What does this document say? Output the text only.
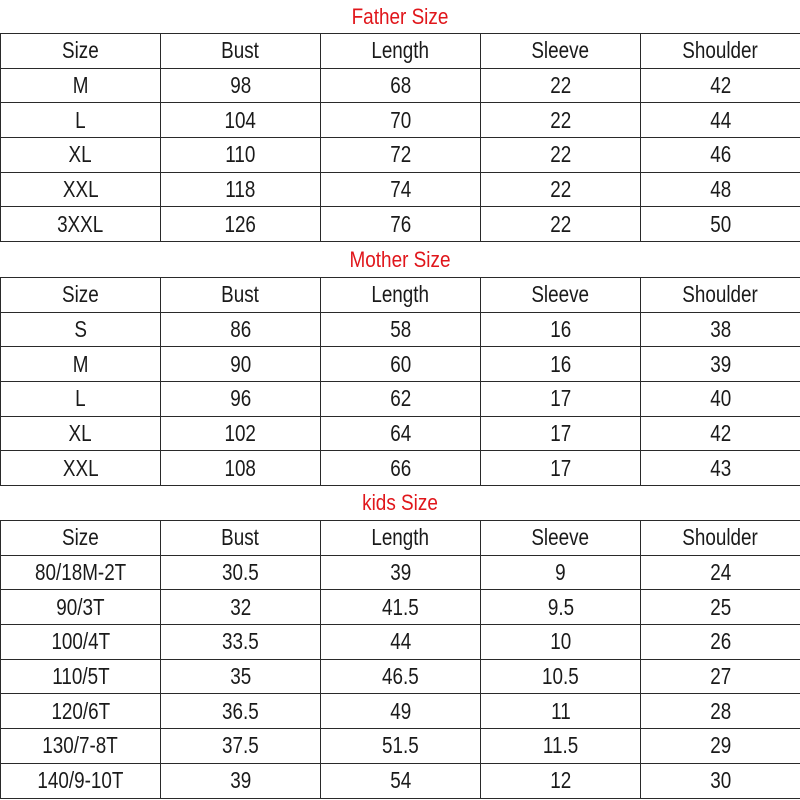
Father Size
Size	Bust	Length	Sleeve	Shoulder
M	98	68	22	42
L	104	70	22	44
XL	110	72	22	46
XXL	118	74	22	48
3XXL	126	76	22	50
Mother Size
Size	Bust	Length	Sleeve	Shoulder
S	86	58	16	38
M	90	60	16	39
L	96	62	17	40
XL	102	64	17	42
XXL	108	66	17	43
kids Size
Size	Bust	Length	Sleeve	Shoulder
80/18M-2T	30.5	39	9	24
90/3T	32	41.5	9.5	25
100/4T	33.5	44	10	26
110/5T	35	46.5	10.5	27
120/6T	36.5	49	11	28
130/7-8T	37.5	51.5	11.5	29
140/9-10T	39	54	12	30
